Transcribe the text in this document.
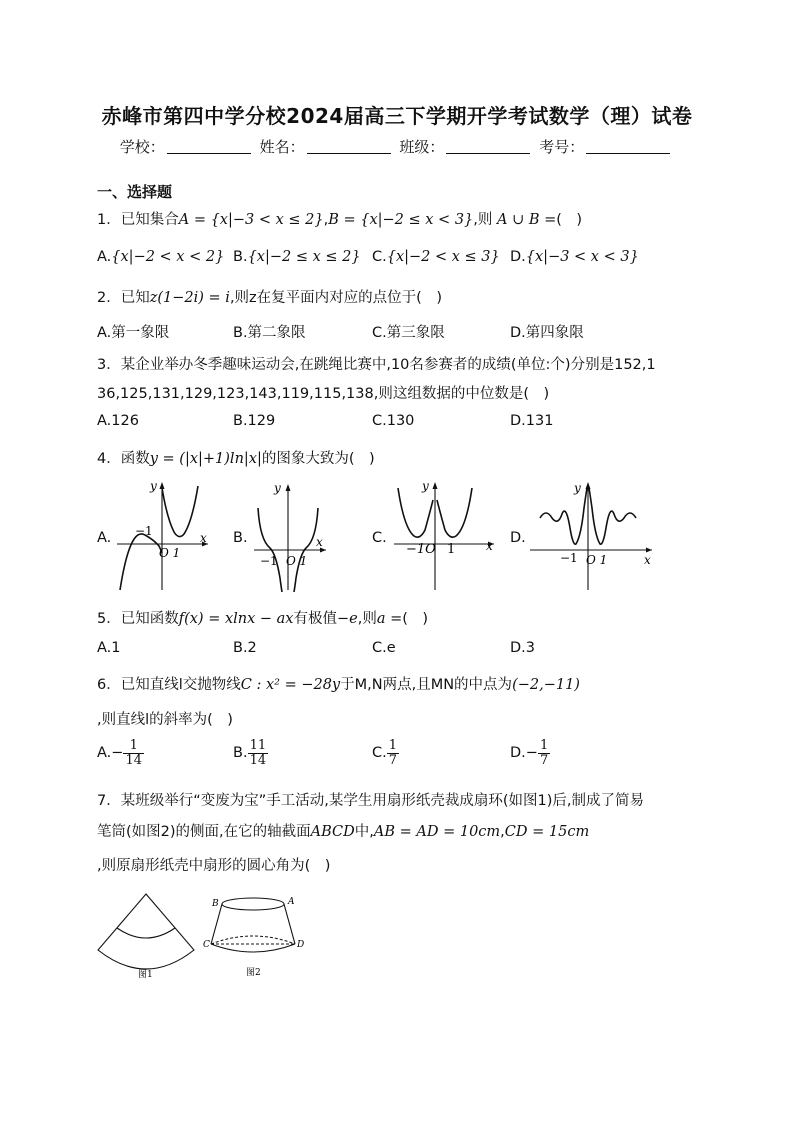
赤峰市第四中学分校2024届高三下学期开学考试数学（理）试卷
学校：	姓名：	班级：	考号：
一、选择题
1．已知集合A = {x|−3 < x ≤ 2},B = {x|−2 ≤ x < 3},则 A ∪ B =(　)
A.{x|−2 < x < 2} B.{x|−2 ≤ x ≤ 2} C.{x|−2 < x ≤ 3} D.{x|−3 < x < 3}
2．已知z(1−2i) = i,则z在复平面内对应的点位于(　)
A.第一象限	B.第二象限	C.第三象限	D.第四象限
3．某企业举办冬季趣味运动会,在跳绳比赛中,10名参赛者的成绩(单位:个)分别是152,1
36,125,131,129,123,143,119,115,138,则这组数据的中位数是(　)
A.126	B.129	C.130	D.131
4．函数y = (|x|+1)ln|x|的图象大致为(　)
A.	B.	C.	D.
y
−1
O 1
x
y
−1 O 1
x
y
−1O 1	x
y
−1 O 1	x
5．已知函数f(x) = xlnx − ax有极值−e,则a =(　)
A.1	B.2	C.e	D.3
6．已知直线l交抛物线C : x² = −28y于M,N两点,且MN的中点为(−2,−11)
,则直线l的斜率为(　)
$A.- \frac{1}{14}$	B. $\frac{11}{14}$	C. $\frac{1}{7}$	$D.- \frac{1}{7}$
7．某班级举行“变废为宝”手工活动,某学生用扇形纸壳裁成扇环(如图1)后,制成了简易
笔筒(如图2)的侧面,在它的轴截面ABCD中,AB = AD = 10cm,CD = 15cm
,则原扇形纸壳中扇形的圆心角为(　)
图1
B	A
C	D
图2
